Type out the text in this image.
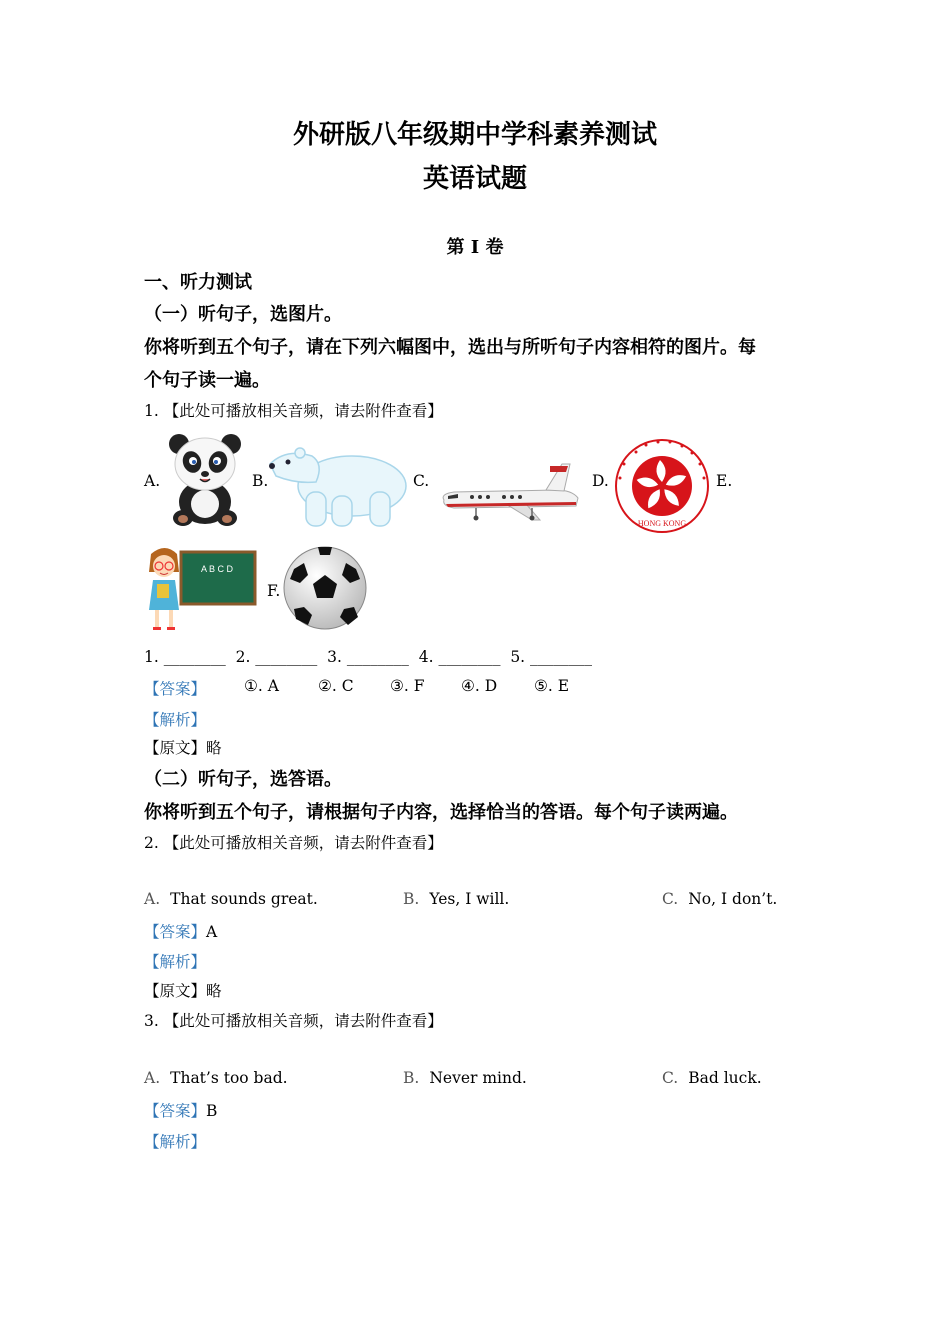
外研版八年级期中学科素养测试
英语试题
第 I 卷
一、听力测试
（一）听句子，选图片。
你将听到五个句子，请在下列六幅图中，选出与所听句子内容相符的图片。每
个句子读一遍。
1. 【此处可播放相关音频，请去附件查看】
A.	B.	C.	D.	E.
F.
HONG KONG
A B C D
1. ________ 2. ________ 3. ________ 4. ________ 5. ________
【答案】 ①. A	②. C ③. F ④. D ⑤. E
【解析】
【原文】略
（二）听句子，选答语。
你将听到五个句子，请根据句子内容，选择恰当的答语。每个句子读两遍。
2. 【此处可播放相关音频，请去附件查看】
A. That sounds great.	B. Yes, I will.	C. No, I don’t.
【答案】A
【解析】
【原文】略
3. 【此处可播放相关音频，请去附件查看】
A. That’s too bad.	B. Never mind.	C. Bad luck.
【答案】B
【解析】
